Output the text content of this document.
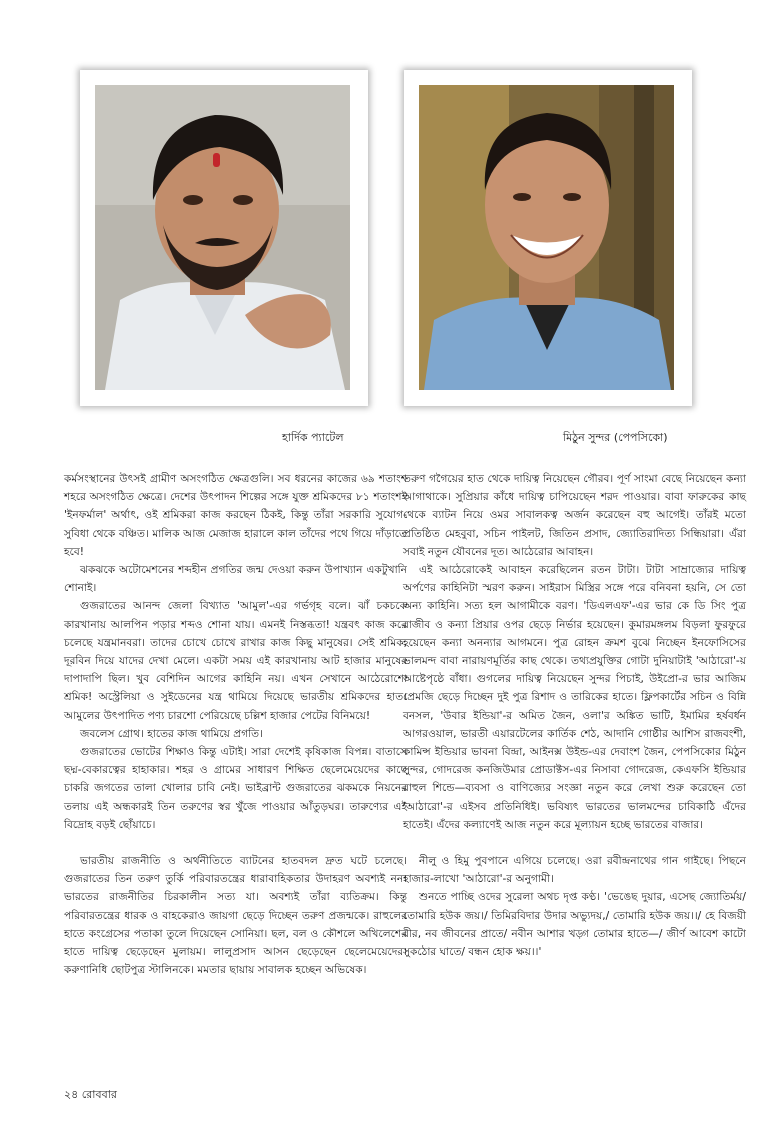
হার্দিক প্যাটেল	মিঠুন সুন্দর (পেপসিকো)

কর্মসংস্থানের উৎসই গ্রামীণ অসংগঠিত ক্ষেত্রগুলি। সব ধরনের কাজের ৬৯ শতাংশ শহরে অসংগঠিত ক্ষেত্রে। দেশের উৎপাদন শিল্পের সঙ্গে যুক্ত শ্রমিকদের ৮১ শতাংশই 'ইনফর্মাল' অর্থাৎ, ওই শ্রমিকরা কাজ করছেন ঠিকই, কিন্তু তাঁরা সরকারি সুযোগ-সুবিধা থেকে বঞ্চিত। মালিক আজ মেজাজ হারালে কাল তাঁদের পথে গিয়ে দাঁড়াতে হবে!

ঝকঝকে অটোমেশনের শব্দহীন প্রগতির জন্ম দেওয়া করুন উপাখ্যান একটুখানি শোনাই।

গুজরাতের আনন্দ জেলা বিখ্যাত 'আমুল'-এর গর্ভগৃহ বলে। ঝাঁ চকচকে কারখানায় আলপিন পড়ার শব্দও শোনা যায়। এমনই নিস্তব্ধতা! যন্ত্রবৎ কাজ করে চলেছে যন্ত্রমানবরা। তাদের চোখে চোখে রাখার কাজ কিছু মানুষের। সেই শ্রমিক, দূরবিন দিয়ে যাদের দেখা মেলে। একটা সময় এই কারখানায় আট হাজার মানুষের দাপাদাপি ছিল। খুব বেশিদিন আগের কাহিনি নয়। এখন সেখানে আঠেরোশো শ্রমিক! অস্ট্রেলিয়া ও সুইডেনের যন্ত্র থামিয়ে দিয়েছে ভারতীয় শ্রমিকদের হাত। আমুলের উৎপাদিত পণ্য চারশো পেরিয়েছে চল্লিশ হাজার পেটের বিনিময়ে!

জবলেস গ্রোথ। হাতের কাজ থামিয়ে প্রগতি।

গুজরাতের ভোটের শিক্ষাও কিন্তু এটাই। সারা দেশেই কৃষিকাজ বিপন্ন। বাতাসে ছদ্ম-বেকারত্বের হাহাকার। শহর ও গ্রামের সাধারণ শিক্ষিত ছেলেমেয়েদের কাছে চাকরি জগতের তালা খোলার চাবি নেই। ভাইব্রান্ট গুজরাতের ঝকমকে নিয়নের তলায় এই অন্ধকারই তিন তরুণের স্বর খুঁজে পাওয়ার আঁতুড়ঘর। তারুণ্যের এই বিদ্রোহ বড়ই ছোঁয়াচে।

ভারতীয় রাজনীতি ও অর্থনীতিতে ব্যাটনের হাতবদল দ্রুত ঘটে চলেছে। গুজরাতের তিন তরুণ তুর্কি পরিবারতন্ত্রের ধারাবাহিকতার উদাহরণ অবশ্যই নন। ভারতের রাজনীতির চিরকালীন সত্য যা। অবশ্যই তাঁরা ব্যতিক্রম। কিন্তু পরিবারতন্ত্রের ধারক ও বাহকেরাও জায়গা ছেড়ে দিচ্ছেন তরুণ প্রজন্মকে। রাহুলের হাতে কংগ্রেসের পতাকা তুলে দিয়েছেন সোনিয়া। ছল, বল ও কৌশলে অখিলেশের হাতে দায়িত্ব ছেড়েছেন মুলায়ম। লালুপ্রসাদ আসন ছেড়েছেন ছেলেমেয়েদের। করুণানিধি ছোটপুত্র স্টালিনকে। মমতার ছায়ায় সাবালক হচ্ছেন অভিষেক।

তরুণ গগৈয়ের হাত থেকে দায়িত্ব নিয়েছেন গৌরব। পূর্ণ সাংমা বেছে নিয়েছেন কন্যা আগাথাকে। সুপ্রিয়ার কাঁধে দায়িত্ব চাপিয়েছেন শরদ পাওয়ার। বাবা ফারুকের কাছ থেকে ব্যাটন নিয়ে ওমর সাবালকত্ব অর্জন করেছেন বহু আগেই। তাঁরই মতো প্রতিষ্ঠিত মেহবুবা, সচিন পাইলট, জিতিন প্রসাদ, জ্যোতিরাদিত্য সিন্ধিয়ারা। এঁরা সবাই নতুন যৌবনের দূত। আঠেরোর আবাহন।

এই আঠেরোকেই আবাহন করেছিলেন রতন টাটা। টাটা সাম্রাজ্যের দায়িত্ব অর্পণের কাহিনিটা স্মরণ করুন। সাইরাস মিস্ত্রির সঙ্গে পরে বনিবনা হয়নি, সে তো অন্য কাহিনি। সত্য হল আগামীকে বরণ। 'ডিএলএফ'-এর ভার কে ডি সিং পুত্র রাজীব ও কন্যা প্রিয়ার ওপর ছেড়ে নির্ভার হয়েছেন। কুমারমঙ্গলম বিড়লা ফুরফুরে হয়েছেন কন্যা অনন্যার আগমনে। পুত্র রোহন ক্রমশ বুঝে নিচ্ছেন ইনফোসিসের ভালমন্দ বাবা নারায়ণমূর্তির কাছ থেকে। তথ্যপ্রযুক্তির গোটা দুনিয়াটাই 'আঠারো'-য় আষ্টেপৃষ্ঠে বাঁধা। গুগলের দায়িত্ব নিয়েছেন সুন্দর পিচাই, উইপ্রো-র ভার আজিম প্রেমজি ছেড়ে দিচ্ছেন দুই পুত্র রিশাদ ও তারিকের হাতে। ফ্লিপকার্টের সচিন ও বিন্নি বনসল, 'উবার ইন্ডিয়া'-র অমিত জৈন, ওলা'র অঙ্কিত ভাটি, ইমামির হর্ষবর্ধন আগরওয়াল, ভারতী এয়ারটেলের কার্তিক শেঠ, আদানি গোষ্ঠীর আশিস রাজবংশী, কামিন্স ইন্ডিয়ার ভাবনা বিন্দ্রা, আইনক্স উইন্ড-এর দেবাংশ জৈন, পেপসিকোর মিঠুন সুন্দর, গোদরেজ কনজিউমার প্রোডাক্টস-এর নিসাবা গোদরেজ, কেএফসি ইন্ডিয়ার রাহুল শিন্ডে—ব্যবসা ও বাণিজ্যের সংজ্ঞা নতুন করে লেখা শুরু করেছেন তো 'আঠারো'-র এইসব প্রতিনিধিই। ভবিষ্যৎ ভারতের ভালমন্দের চাবিকাঠি এঁদের হাতেই। এঁদের কল্যাণেই আজ নতুন করে মূল্যায়ন হচ্ছে ভারতের বাজার।

নীলু ও হিমু পুবপানে এগিয়ে চলেছে। ওরা রবীন্দ্রনাথের গান গাইছে। পিছনে হাজার-লাখো 'আঠারো'-র অনুগামী।

শুনতে পাচ্ছি ওদের সুরেলা অথচ দৃপ্ত কণ্ঠ। 'ভেঙেছ দুয়ার, এসেছ জ্যোতির্ময়/ তোমারি হউক জয়।/ তিমিরবিদার উদার অভ্যুদয়,/ তোমারি হউক জয়।।/ হে বিজয়ী বীর, নব জীবনের প্রাতে/ নবীন আশার খড়্গ তোমার হাতে—/ জীর্ণ আবেশ কাটো সুকঠোর ঘাতে/ বন্ধন হোক ক্ষয়।।'

২৪ রোববার
